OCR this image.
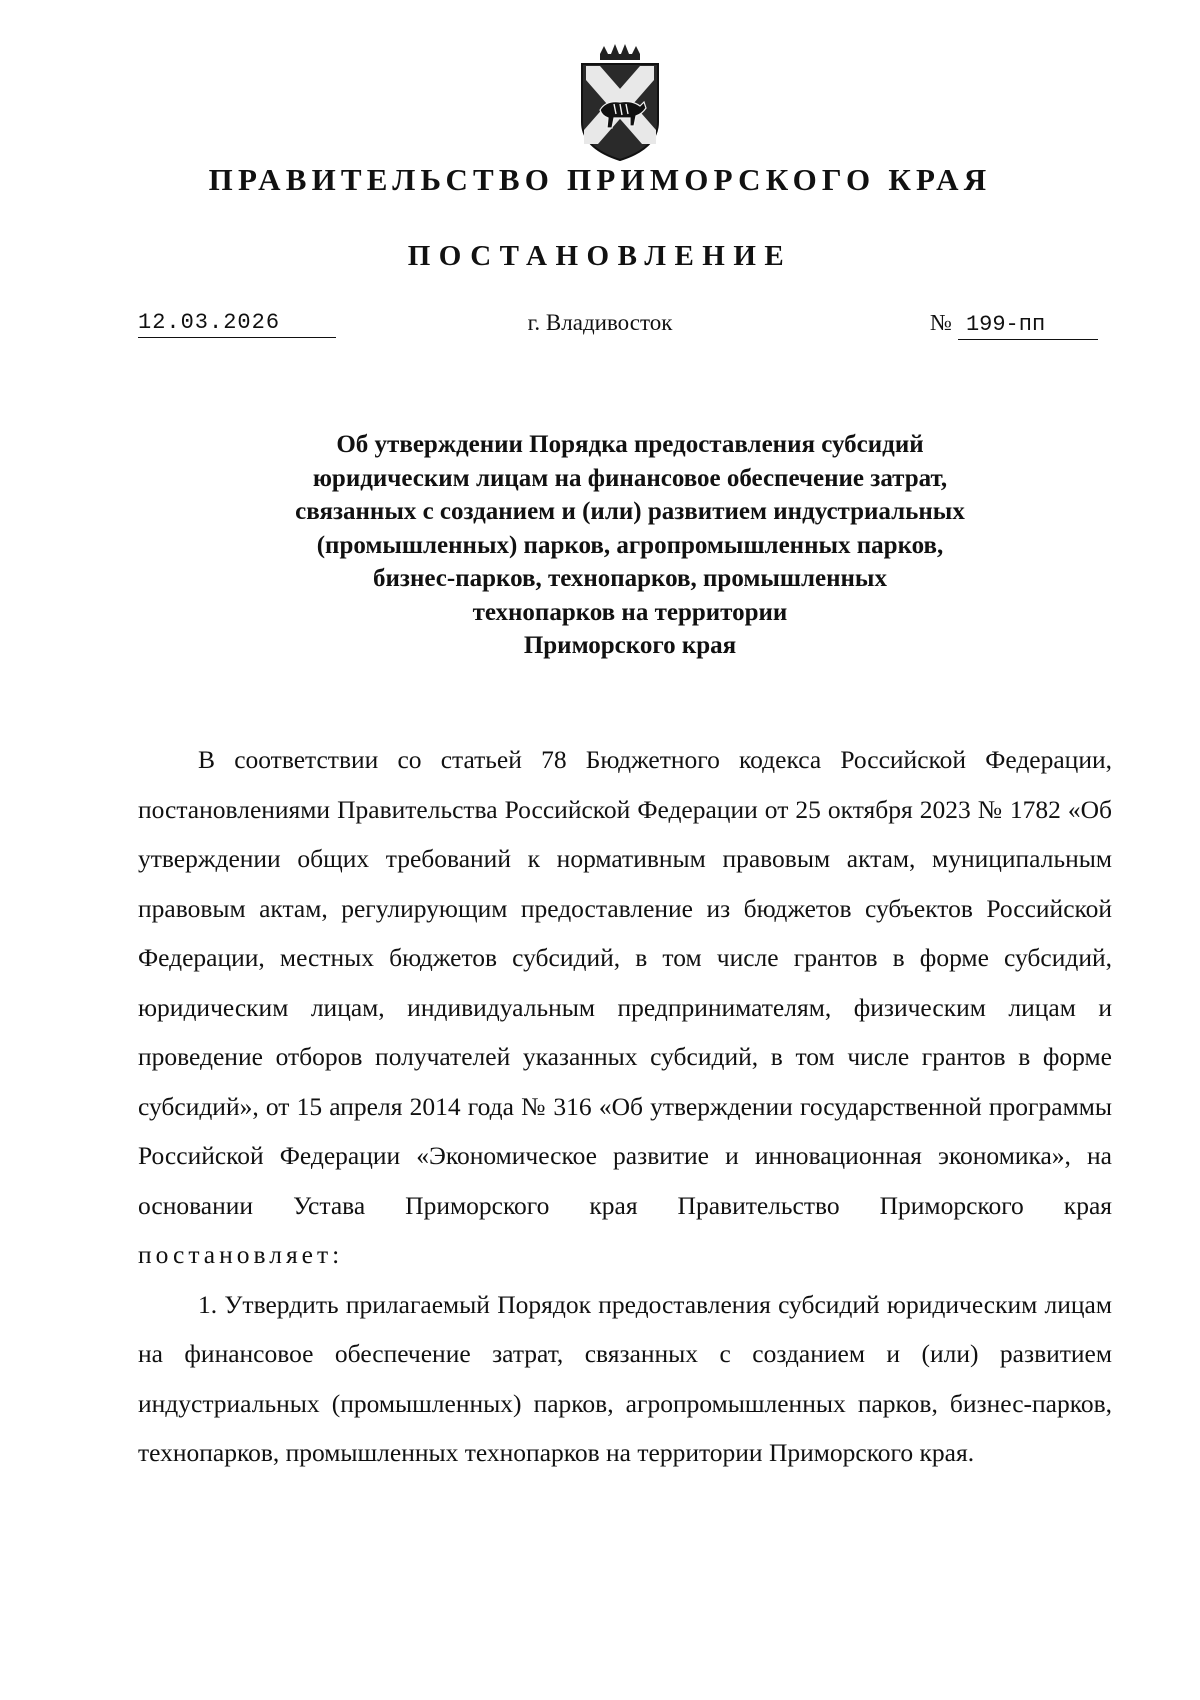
ПРАВИТЕЛЬСТВО ПРИМОРСКОГО КРАЯ
ПОСТАНОВЛЕНИЕ
12.03.2026	г. Владивосток	№ 199-пп
Об утверждении Порядка предоставления субсидий
юридическим лицам на финансовое обеспечение затрат,
связанных с созданием и (или) развитием индустриальных
(промышленных) парков, агропромышленных парков,
бизнес-парков, технопарков, промышленных
технопарков на территории
Приморского края

В соответствии со статьей 78 Бюджетного кодекса Российской Федерации, постановлениями Правительства Российской Федерации от 25 октября 2023 № 1782 «Об утверждении общих требований к нормативным правовым актам, муниципальным правовым актам, регулирующим предоставление из бюджетов субъектов Российской Федерации, местных бюджетов субсидий, в том числе грантов в форме субсидий, юридическим лицам, индивидуальным предпринимателям, физическим лицам и проведение отборов получателей указанных субсидий, в том числе грантов в форме субсидий», от 15 апреля 2014 года № 316 «Об утверждении государственной программы Российской Федерации «Экономическое развитие и инновационная экономика», на основании Устава Приморского края Правительство Приморского края постановляет:

1. Утвердить прилагаемый Порядок предоставления субсидий юридическим лицам на финансовое обеспечение затрат, связанных с созданием и (или) развитием индустриальных (промышленных) парков, агропромышленных парков, бизнес-парков, технопарков, промышленных технопарков на территории Приморского края.
